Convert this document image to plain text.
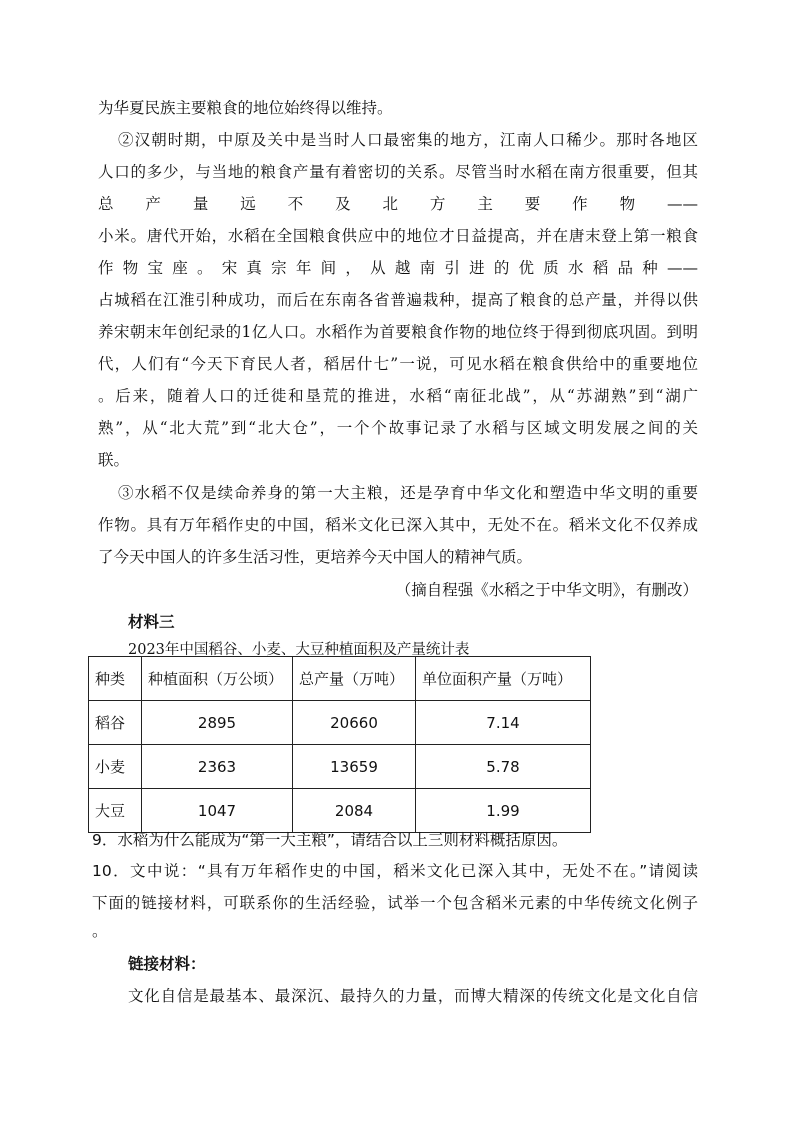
为华夏民族主要粮食的地位始终得以维持。
②汉朝时期，中原及关中是当时人口最密集的地方，江南人口稀少。那时各地区
人口的多少，与当地的粮食产量有着密切的关系。尽管当时水稻在南方很重要，但其
总产量远不及北方主要作物——
小米。唐代开始，水稻在全国粮食供应中的地位才日益提高，并在唐末登上第一粮食
作物宝座。宋真宗年间，从越南引进的优质水稻品种——
占城稻在江淮引种成功，而后在东南各省普遍栽种，提高了粮食的总产量，并得以供
养宋朝末年创纪录的1亿人口。水稻作为首要粮食作物的地位终于得到彻底巩固。到明
代，人们有“今天下育民人者，稻居什七”一说，可见水稻在粮食供给中的重要地位
。后来，随着人口的迁徙和垦荒的推进，水稻“南征北战”，从“苏湖熟”到“湖广
熟”，从“北大荒”到“北大仓”，一个个故事记录了水稻与区域文明发展之间的关
联。
③水稻不仅是续命养身的第一大主粮，还是孕育中华文化和塑造中华文明的重要
作物。具有万年稻作史的中国，稻米文化已深入其中，无处不在。稻米文化不仅养成
了今天中国人的许多生活习性，更培养今天中国人的精神气质。
（摘自程强《水稻之于中华文明》，有删改）
材料三
2023年中国稻谷、小麦、大豆种植面积及产量统计表
种类	种植面积（万公顷）	总产量（万吨）	单位面积产量（万吨）
稻谷	2895	20660	7.14
小麦	2363	13659	5.78
大豆	1047	2084	1.99
9．水稻为什么能成为“第一大主粮”，请结合以上三则材料概括原因。
10．文中说：“具有万年稻作史的中国，稻米文化已深入其中，无处不在。”请阅读
下面的链接材料，可联系你的生活经验，试举一个包含稻米元素的中华传统文化例子
。
链接材料：
文化自信是最基本、最深沉、最持久的力量，而博大精深的传统文化是文化自信
